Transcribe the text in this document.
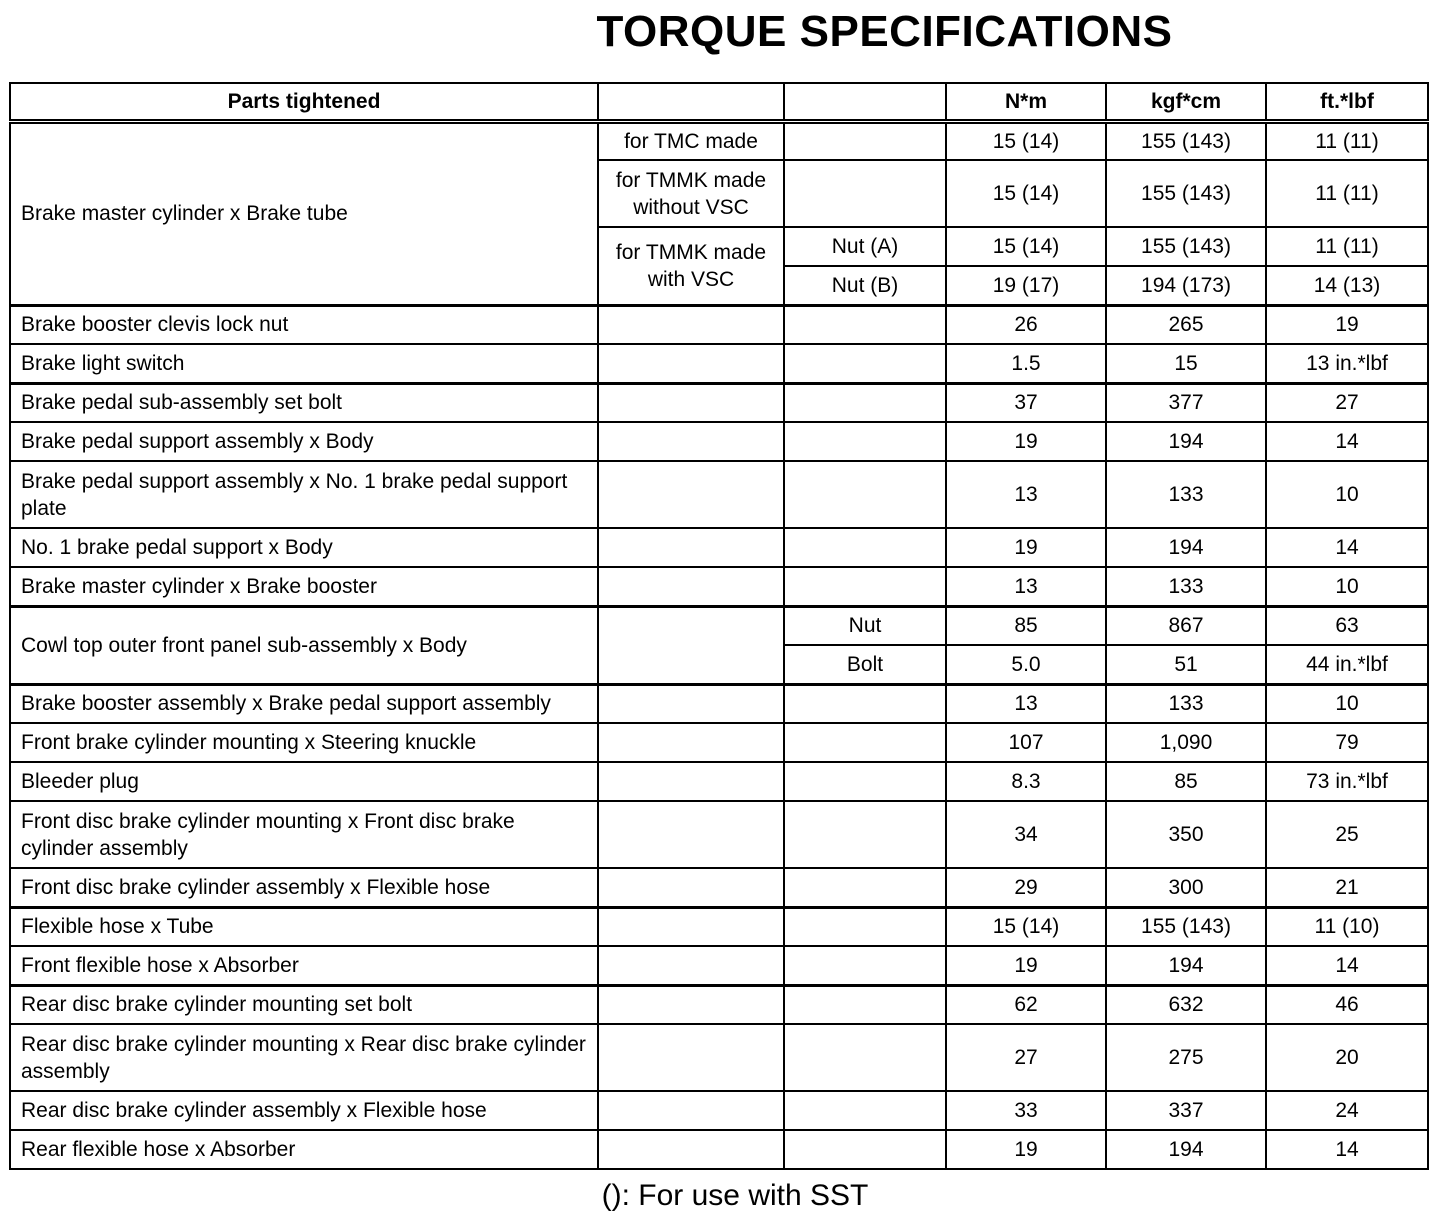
TORQUE SPECIFICATIONS
Parts tightened			N*m	kgf*cm	ft.*lbf
Brake master cylinder x Brake tube	for TMC made		15 (14)	155 (143)	11 (11)
	for TMMK made without VSC		15 (14)	155 (143)	11 (11)
	for TMMK made with VSC	Nut (A)	15 (14)	155 (143)	11 (11)
		Nut (B)	19 (17)	194 (173)	14 (13)
Brake booster clevis lock nut			26	265	19
Brake light switch			1.5	15	13 in.*lbf
Brake pedal sub-assembly set bolt			37	377	27
Brake pedal support assembly x Body			19	194	14
Brake pedal support assembly x No. 1 brake pedal support plate			13	133	10
No. 1 brake pedal support x Body			19	194	14
Brake master cylinder x Brake booster			13	133	10
Cowl top outer front panel sub-assembly x Body		Nut	85	867	63
		Bolt	5.0	51	44 in.*lbf
Brake booster assembly x Brake pedal support assembly			13	133	10
Front brake cylinder mounting x Steering knuckle			107	1,090	79
Bleeder plug			8.3	85	73 in.*lbf
Front disc brake cylinder mounting x Front disc brake cylinder assembly			34	350	25
Front disc brake cylinder assembly x Flexible hose			29	300	21
Flexible hose x Tube			15 (14)	155 (143)	11 (10)
Front flexible hose x Absorber			19	194	14
Rear disc brake cylinder mounting set bolt			62	632	46
Rear disc brake cylinder mounting x Rear disc brake cylinder assembly			27	275	20
Rear disc brake cylinder assembly x Flexible hose			33	337	24
Rear flexible hose x Absorber			19	194	14
(): For use with SST
